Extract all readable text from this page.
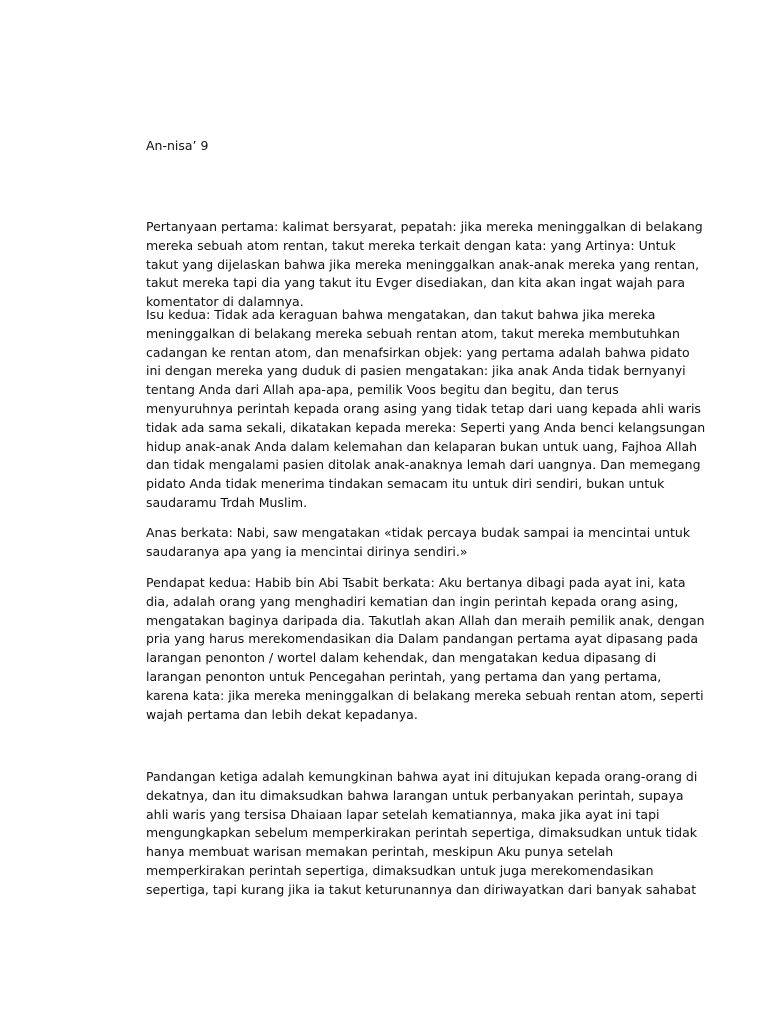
An-nisa’ 9

Pertanyaan pertama: kalimat bersyarat, pepatah: jika mereka meninggalkan di belakang
mereka sebuah atom rentan, takut mereka terkait dengan kata: yang Artinya: Untuk
takut yang dijelaskan bahwa jika mereka meninggalkan anak-anak mereka yang rentan,
takut mereka tapi dia yang takut itu Evger disediakan, dan kita akan ingat wajah para
komentator di dalamnya.

Isu kedua: Tidak ada keraguan bahwa mengatakan, dan takut bahwa jika mereka
meninggalkan di belakang mereka sebuah rentan atom, takut mereka membutuhkan
cadangan ke rentan atom, dan menafsirkan objek: yang pertama adalah bahwa pidato
ini dengan mereka yang duduk di pasien mengatakan: jika anak Anda tidak bernyanyi
tentang Anda dari Allah apa-apa, pemilik Voos begitu dan begitu, dan terus
menyuruhnya perintah kepada orang asing yang tidak tetap dari uang kepada ahli waris
tidak ada sama sekali, dikatakan kepada mereka: Seperti yang Anda benci kelangsungan
hidup anak-anak Anda dalam kelemahan dan kelaparan bukan untuk uang, Fajhoa Allah
dan tidak mengalami pasien ditolak anak-anaknya lemah dari uangnya. Dan memegang
pidato Anda tidak menerima tindakan semacam itu untuk diri sendiri, bukan untuk
saudaramu Trdah Muslim.

Anas berkata: Nabi, saw mengatakan «tidak percaya budak sampai ia mencintai untuk
saudaranya apa yang ia mencintai dirinya sendiri.»

Pendapat kedua: Habib bin Abi Tsabit berkata: Aku bertanya dibagi pada ayat ini, kata
dia, adalah orang yang menghadiri kematian dan ingin perintah kepada orang asing,
mengatakan baginya daripada dia. Takutlah akan Allah dan meraih pemilik anak, dengan
pria yang harus merekomendasikan dia Dalam pandangan pertama ayat dipasang pada
larangan penonton / wortel dalam kehendak, dan mengatakan kedua dipasang di
larangan penonton untuk Pencegahan perintah, yang pertama dan yang pertama,
karena kata: jika mereka meninggalkan di belakang mereka sebuah rentan atom, seperti
wajah pertama dan lebih dekat kepadanya.

Pandangan ketiga adalah kemungkinan bahwa ayat ini ditujukan kepada orang-orang di
dekatnya, dan itu dimaksudkan bahwa larangan untuk perbanyakan perintah, supaya
ahli waris yang tersisa Dhaiaan lapar setelah kematiannya, maka jika ayat ini tapi
mengungkapkan sebelum memperkirakan perintah sepertiga, dimaksudkan untuk tidak
hanya membuat warisan memakan perintah, meskipun Aku punya setelah
memperkirakan perintah sepertiga, dimaksudkan untuk juga merekomendasikan
sepertiga, tapi kurang jika ia takut keturunannya dan diriwayatkan dari banyak sahabat
